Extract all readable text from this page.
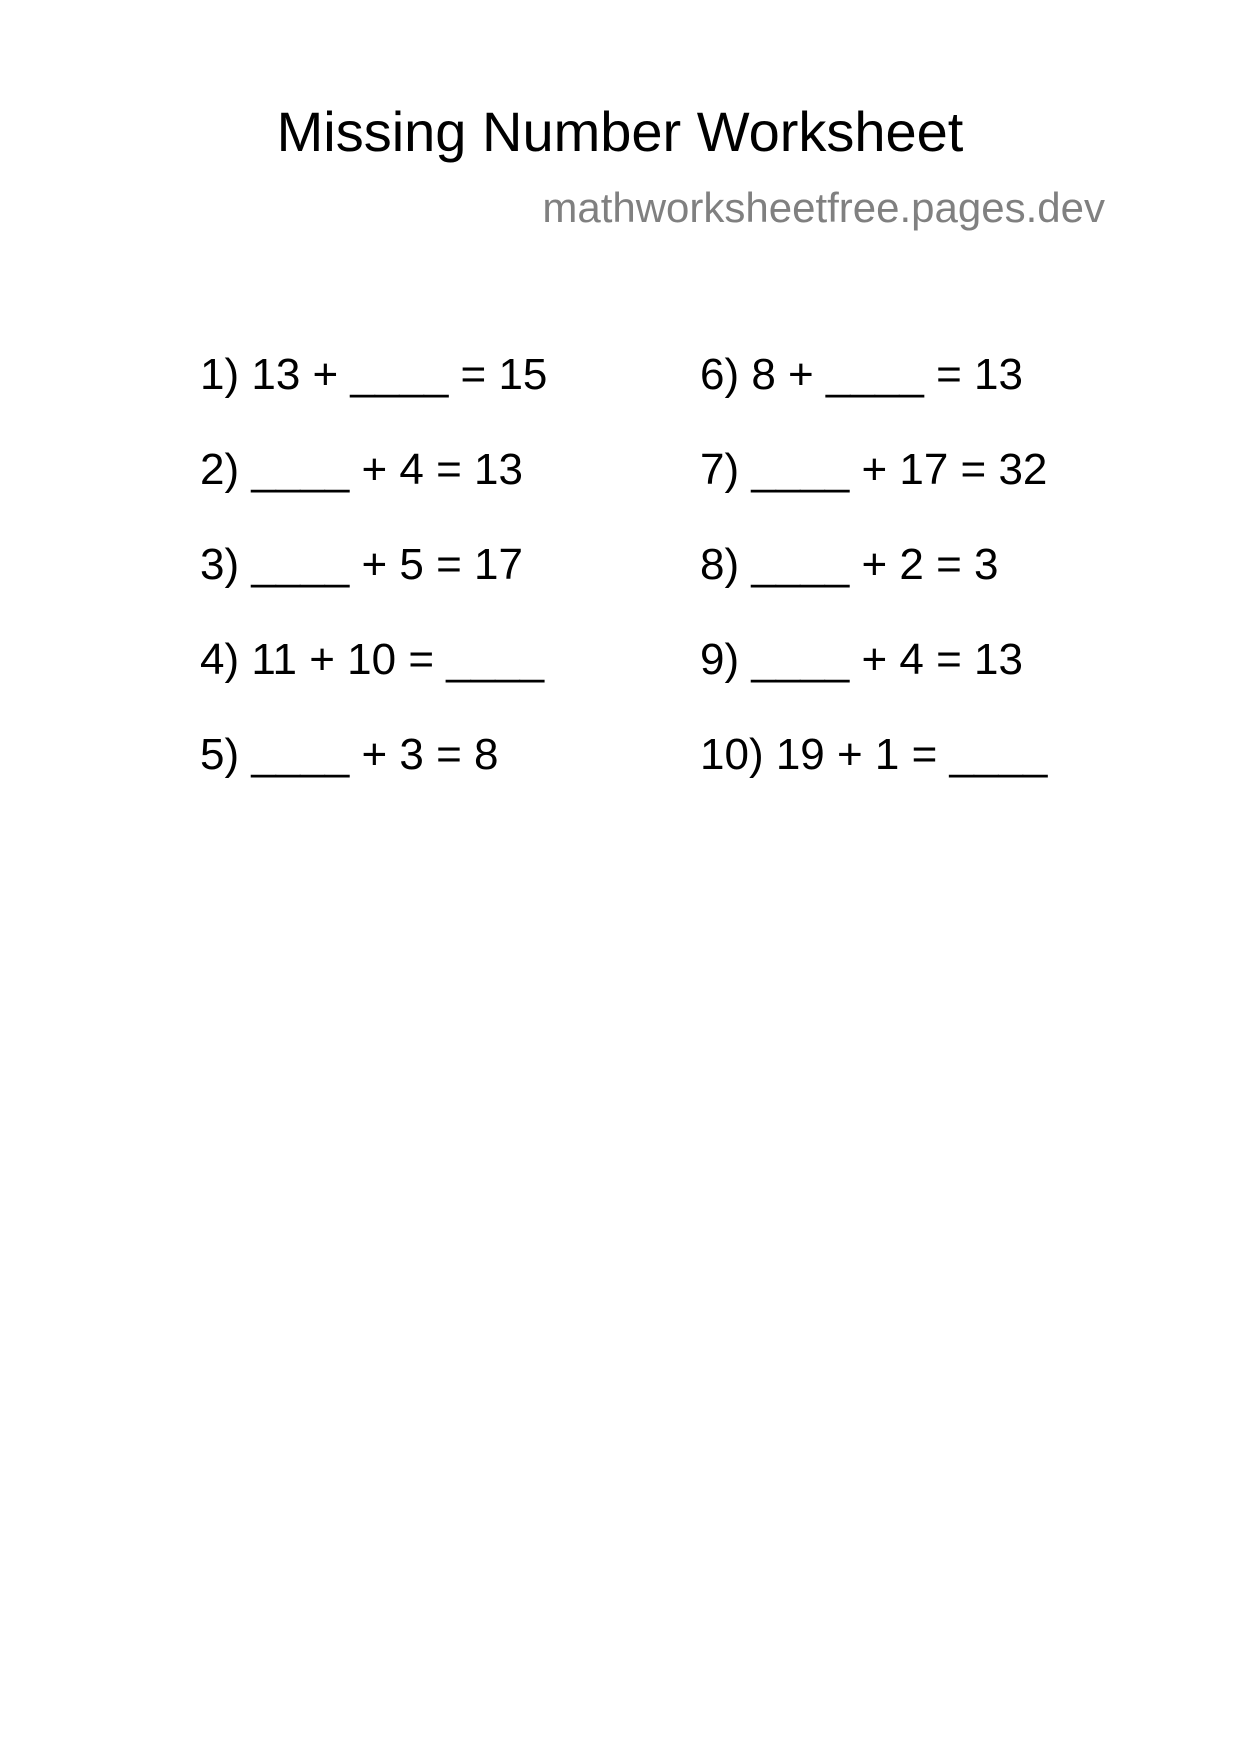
Missing Number Worksheet
mathworksheetfree.pages.dev
1) 13 + ____ = 15
2) ____ + 4 = 13
3) ____ + 5 = 17
4) 11 + 10 = ____
5) ____ + 3 = 8
6) 8 + ____ = 13
7) ____ + 17 = 32
8) ____ + 2 = 3
9) ____ + 4 = 13
10) 19 + 1 = ____
